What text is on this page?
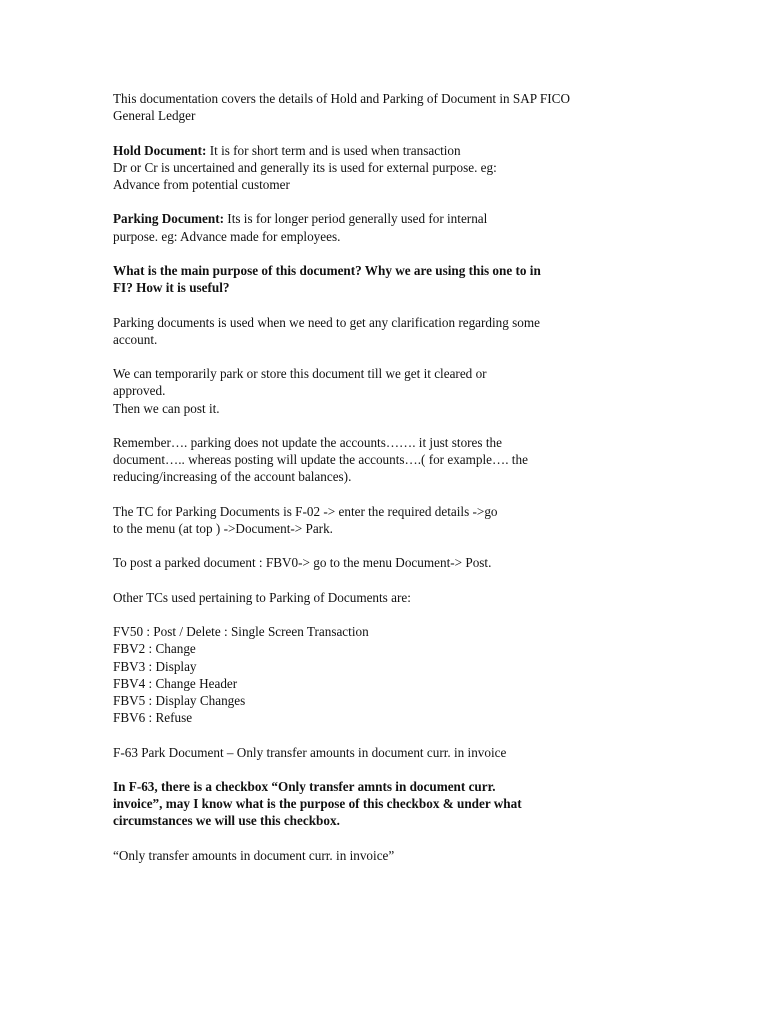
This documentation covers the details of Hold and Parking of Document in SAP FICO
General Ledger

Hold Document: It is for short term and is used when transaction
Dr or Cr is uncertained and generally its is used for external purpose. eg:
Advance from potential customer

Parking Document: Its is for longer period generally used for internal
purpose. eg: Advance made for employees.

What is the main purpose of this document? Why we are using this one to in
FI? How it is useful?

Parking documents is used when we need to get any clarification regarding some
account.

We can temporarily park or store this document till we get it cleared or
approved.
Then we can post it.

Remember…. parking does not update the accounts……. it just stores the
document….. whereas posting will update the accounts….( for example…. the
reducing/increasing of the account balances).

The TC for Parking Documents is F-02 -> enter the required details ->go
to the menu (at top ) ->Document-> Park.

To post a parked document : FBV0-> go to the menu Document-> Post.

Other TCs used pertaining to Parking of Documents are:

FV50 : Post / Delete : Single Screen Transaction
FBV2 : Change
FBV3 : Display
FBV4 : Change Header
FBV5 : Display Changes
FBV6 : Refuse

F-63 Park Document – Only transfer amounts in document curr. in invoice

In F-63, there is a checkbox “Only transfer amnts in document curr.
invoice”, may I know what is the purpose of this checkbox & under what
circumstances we will use this checkbox.

“Only transfer amounts in document curr. in invoice”
